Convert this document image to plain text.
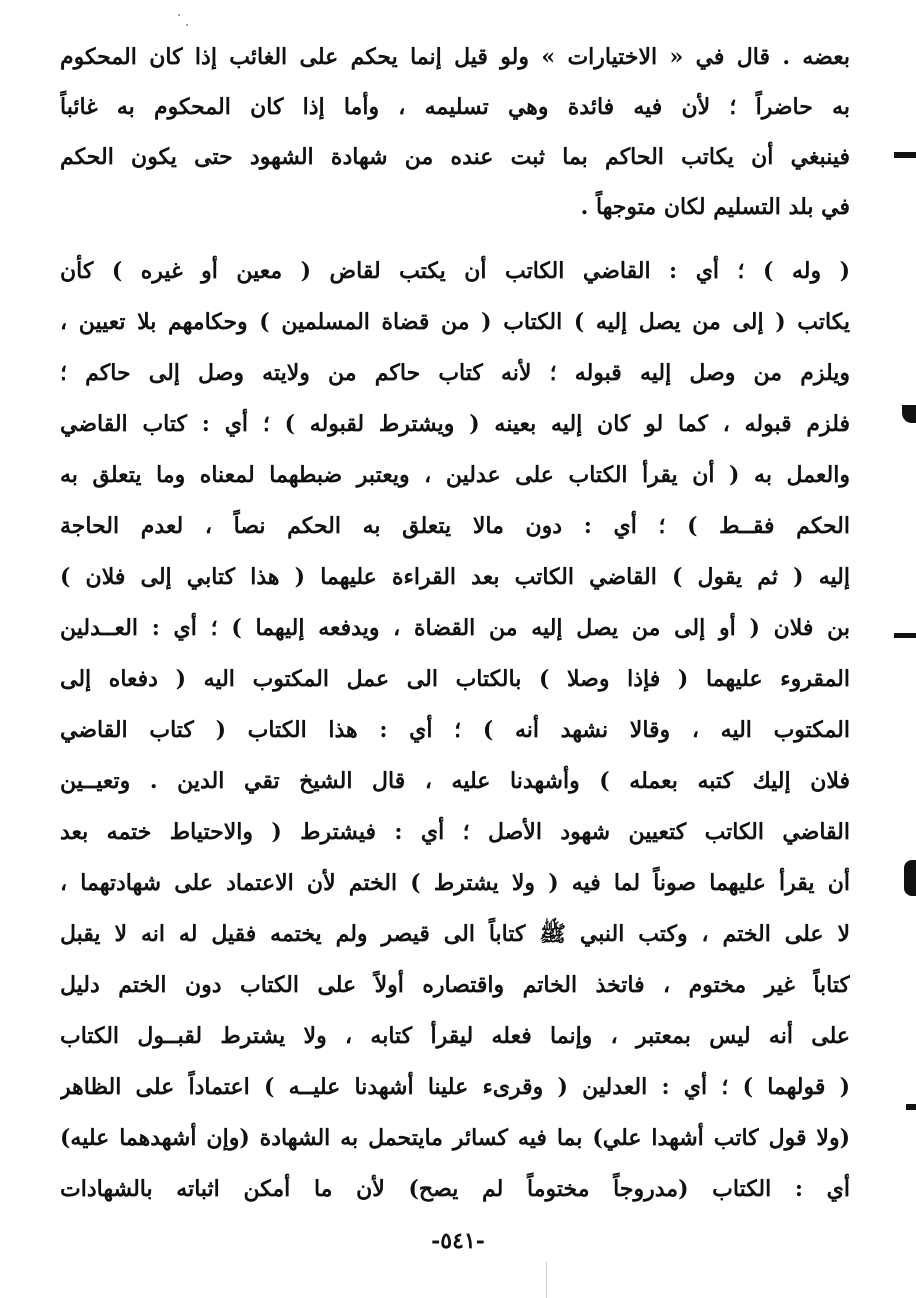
بعضه . قال في « الاختيارات » ولو قيل إنما يحكم على الغائب إذا كان المحكوم
به حاضراً ؛ لأن فيه فائدة وهي تسليمه ، وأما إذا كان المحكوم به غائباً
فينبغي أن يكاتب الحاكم بما ثبت عنده من شهادة الشهود حتى يكون الحكم
في بلد التسليم لكان متوجهاً .
( وله ) ؛ أي : القاضي الكاتب أن يكتب لقاض ( معين أو غيره ) كأن
يكاتب ( إلى من يصل إليه ) الكتاب ( من قضاة المسلمين ) وحكامهم بلا تعيين ،
ويلزم من وصل إليه قبوله ؛ لأنه كتاب حاكم من ولايته وصل إلى حاكم ؛
فلزم قبوله ، كما لو كان إليه بعينه ( ويشترط لقبوله ) ؛ أي : كتاب القاضي
والعمل به ( أن يقرأ الكتاب على عدلين ، ويعتبر ضبطهما لمعناه وما يتعلق به
الحكم فقــط ) ؛ أي : دون مالا يتعلق به الحكم نصاً ، لعدم الحاجة
إليه ( ثم يقول ) القاضي الكاتب بعد القراءة عليهما ( هذا كتابي إلى فلان )
بن فلان ( أو إلى من يصل إليه من القضاة ، ويدفعه إليهما ) ؛ أي : العــدلين
المقروء عليهما ( فإذا وصلا ) بالكتاب الى عمل المكتوب اليه ( دفعاه إلى
المكتوب اليه ، وقالا نشهد أنه ) ؛ أي : هذا الكتاب ( كتاب القاضي
فلان إليك كتبه بعمله ) وأشهدنا عليه ، قال الشيخ تقي الدين . وتعيــين
القاضي الكاتب كتعيين شهود الأصل ؛ أي : فيشترط ( والاحتياط ختمه بعد
أن يقرأ عليهما صوناً لما فيه ( ولا يشترط ) الختم لأن الاعتماد على شهادتهما ،
لا على الختم ، وكتب النبي ﷺ كتاباً الى قيصر ولم يختمه فقيل له انه لا يقبل
كتاباً غير مختوم ، فاتخذ الخاتم واقتصاره أولاً على الكتاب دون الختم دليل
على أنه ليس بمعتبر ، وإنما فعله ليقرأ كتابه ، ولا يشترط لقبــول الكتاب
( قولهما ) ؛ أي : العدلين ( وقرىء علينا أشهدنا عليــه ) اعتماداً على الظاهر
(ولا قول كاتب أشهدا علي) بما فيه كسائر مايتحمل به الشهادة (وإن أشهدهما عليه)
أي : الكتاب (مدروجاً مختوماً لم يصح) لأن ما أمكن اثباته بالشهادات
-٥٤١-
